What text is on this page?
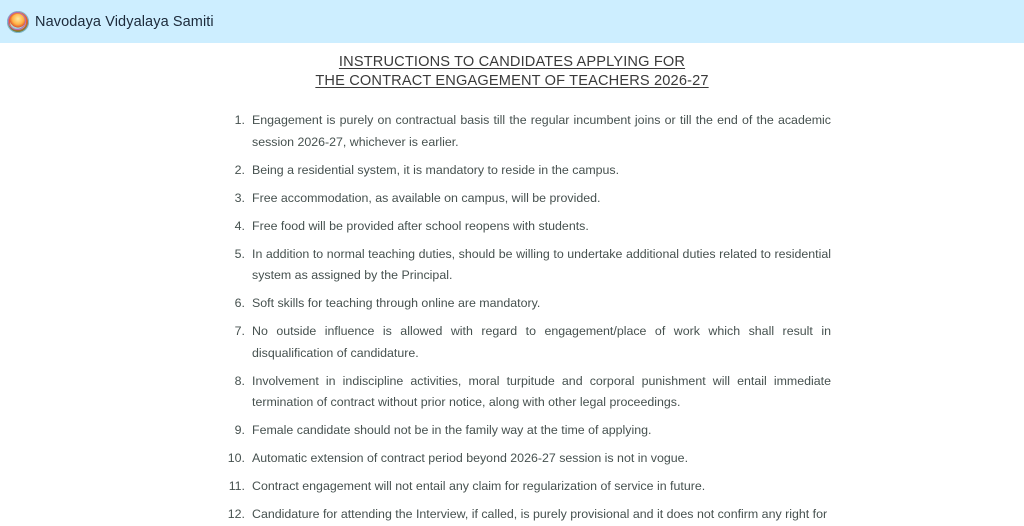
Navodaya Vidyalaya Samiti
INSTRUCTIONS TO CANDIDATES APPLYING FOR
THE CONTRACT ENGAGEMENT OF TEACHERS 2026-27
1. Engagement is purely on contractual basis till the regular incumbent joins or till the end of the academic session 2026-27, whichever is earlier.
2. Being a residential system, it is mandatory to reside in the campus.
3. Free accommodation, as available on campus, will be provided.
4. Free food will be provided after school reopens with students.
5. In addition to normal teaching duties, should be willing to undertake additional duties related to residential system as assigned by the Principal.
6. Soft skills for teaching through online are mandatory.
7. No outside influence is allowed with regard to engagement/place of work which shall result in disqualification of candidature.
8. Involvement in indiscipline activities, moral turpitude and corporal punishment will entail immediate termination of contract without prior notice, along with other legal proceedings.
9. Female candidate should not be in the family way at the time of applying.
10. Automatic extension of contract period beyond 2026-27 session is not in vogue.
11. Contract engagement will not entail any claim for regularization of service in future.
12. Candidature for attending the Interview, if called, is purely provisional and it does not confirm any right for
